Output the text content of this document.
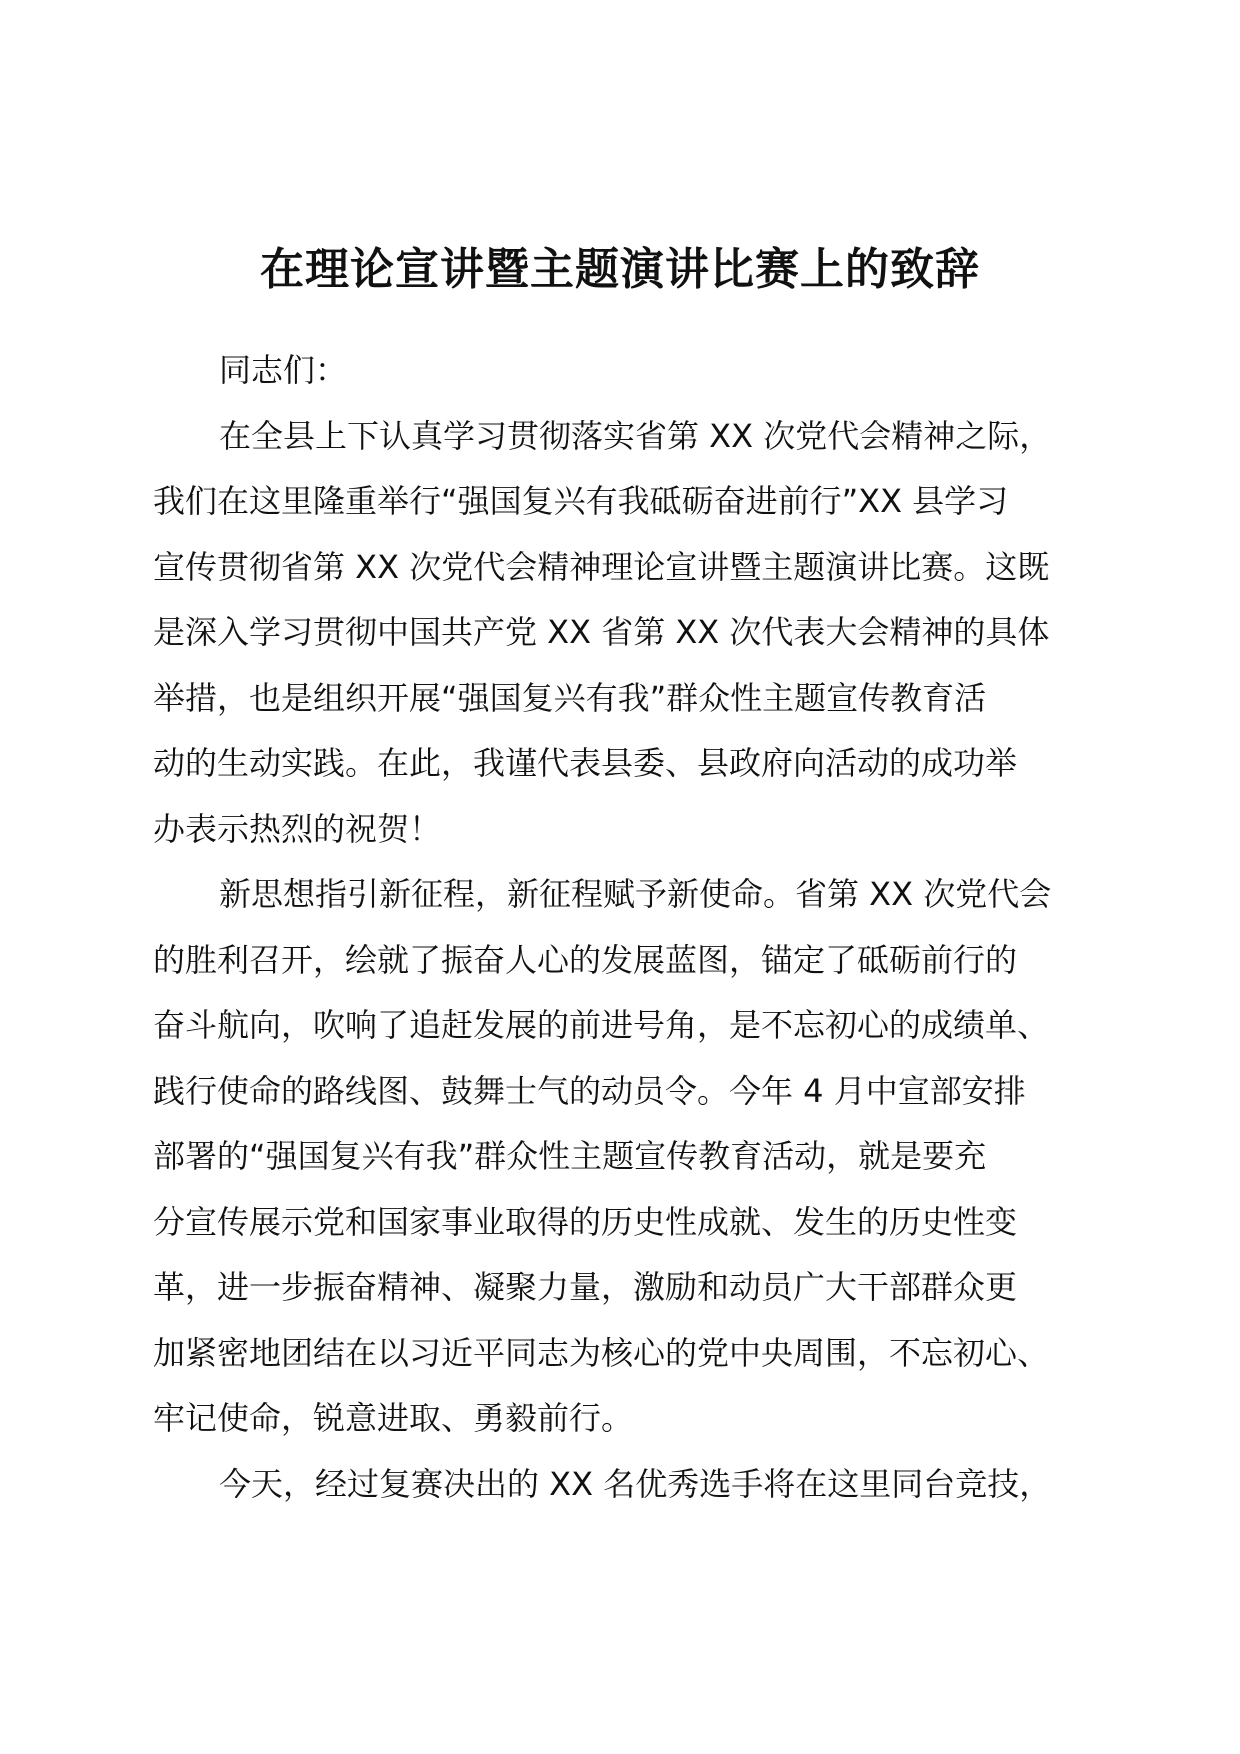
在理论宣讲暨主题演讲比赛上的致辞
同志们：
在全县上下认真学习贯彻落实省第 XX 次党代会精神之际，
我们在这里隆重举行“强国复兴有我砥砺奋进前行”XX 县学习
宣传贯彻省第 XX 次党代会精神理论宣讲暨主题演讲比赛。这既
是深入学习贯彻中国共产党 XX 省第 XX 次代表大会精神的具体
举措，也是组织开展“强国复兴有我”群众性主题宣传教育活
动的生动实践。在此，我谨代表县委、县政府向活动的成功举
办表示热烈的祝贺！
新思想指引新征程，新征程赋予新使命。省第 XX 次党代会
的胜利召开，绘就了振奋人心的发展蓝图，锚定了砥砺前行的
奋斗航向，吹响了追赶发展的前进号角，是不忘初心的成绩单、
践行使命的路线图、鼓舞士气的动员令。今年 4 月中宣部安排
部署的“强国复兴有我”群众性主题宣传教育活动，就是要充
分宣传展示党和国家事业取得的历史性成就、发生的历史性变
革，进一步振奋精神、凝聚力量，激励和动员广大干部群众更
加紧密地团结在以习近平同志为核心的党中央周围，不忘初心、
牢记使命，锐意进取、勇毅前行。
今天，经过复赛决出的 XX 名优秀选手将在这里同台竞技，
